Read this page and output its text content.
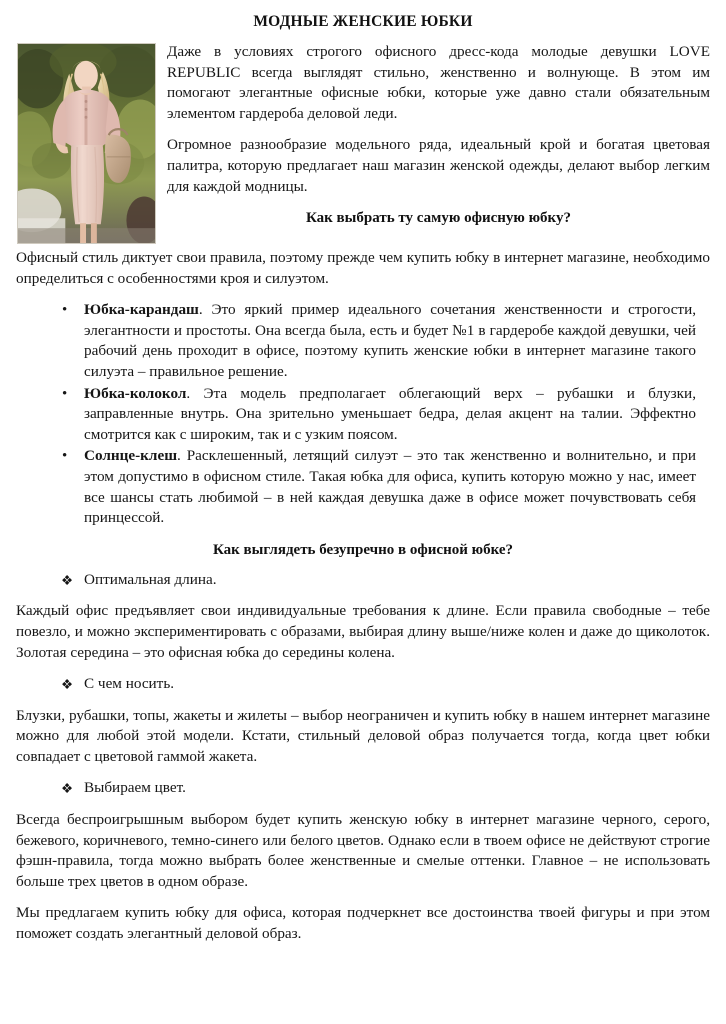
МОДНЫЕ ЖЕНСКИЕ ЮБКИ

Даже в условиях строгого офисного дресс-кода молодые девушки LOVE REPUBLIC всегда выглядят стильно, женственно и волнующе. В этом им помогают элегантные офисные юбки, которые уже давно стали обязательным элементом гардероба деловой леди.

Огромное разнообразие модельного ряда, идеальный крой и богатая цветовая палитра, которую предлагает наш магазин женской одежды, делают выбор легким для каждой модницы.

Как выбрать ту самую офисную юбку?

Офисный стиль диктует свои правила, поэтому прежде чем купить юбку в интернет магазине, необходимо определиться с особенностями кроя и силуэтом.

• Юбка-карандаш. Это яркий пример идеального сочетания женственности и строгости, элегантности и простоты. Она всегда была, есть и будет №1 в гардеробе каждой девушки, чей рабочий день проходит в офисе, поэтому купить женские юбки в интернет магазине такого силуэта – правильное решение.
• Юбка-колокол. Эта модель предполагает облегающий верх – рубашки и блузки, заправленные внутрь. Она зрительно уменьшает бедра, делая акцент на талии. Эффектно смотрится как с широким, так и с узким поясом.
• Солнце-клеш. Расклешенный, летящий силуэт – это так женственно и волнительно, и при этом допустимо в офисном стиле. Такая юбка для офиса, купить которую можно у нас, имеет все шансы стать любимой – в ней каждая девушка даже в офисе может почувствовать себя принцессой.
Как выглядеть безупречно в офисной юбке?
❖ Оптимальная длина.

Каждый офис предъявляет свои индивидуальные требования к длине. Если правила свободные – тебе повезло, и можно экспериментировать с образами, выбирая длину выше/ниже колен и даже до щиколоток. Золотая середина – это офисная юбка до середины колена.

❖ С чем носить.

Блузки, рубашки, топы, жакеты и жилеты – выбор неограничен и купить юбку в нашем интернет магазине можно для любой этой модели. Кстати, стильный деловой образ получается тогда, когда цвет юбки совпадает с цветовой гаммой жакета.

❖ Выбираем цвет.

Всегда беспроигрышным выбором будет купить женскую юбку в интернет магазине черного, серого, бежевого, коричневого, темно-синего или белого цветов. Однако если в твоем офисе не действуют строгие фэшн-правила, тогда можно выбрать более женственные и смелые оттенки. Главное – не использовать больше трех цветов в одном образе.

Мы предлагаем купить юбку для офиса, которая подчеркнет все достоинства твоей фигуры и при этом поможет создать элегантный деловой образ.
